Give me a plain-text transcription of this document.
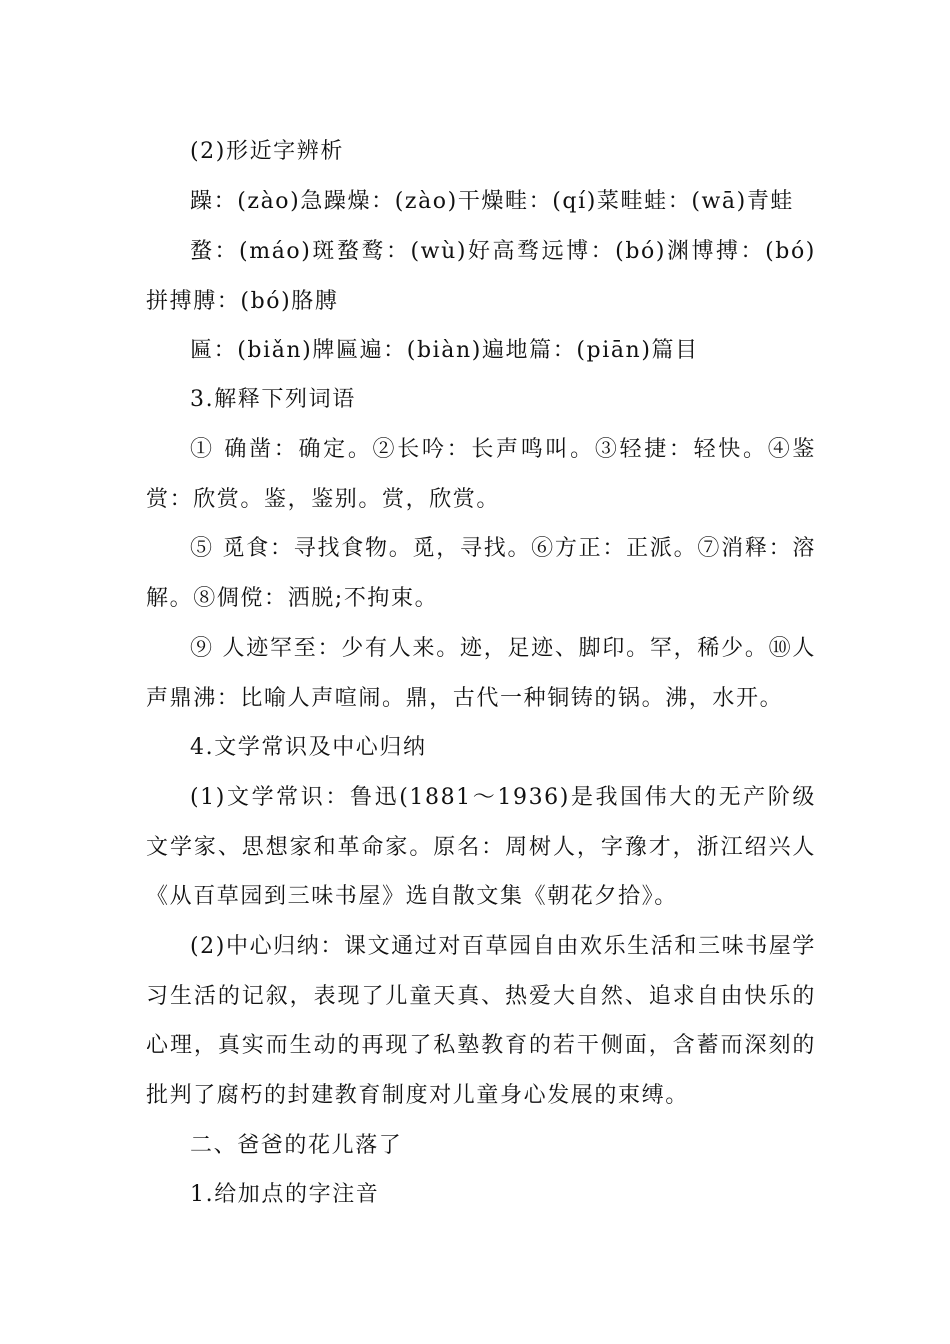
(2)形近字辨析

躁：(zào)急躁燥：(zào)干燥畦：(qí)菜畦蛙：(wā)青蛙

蝥：(máo)斑蝥鹜：(wù)好高骛远博：(bó)渊博搏：(bó)拼搏膊：(bó)胳膊

匾：(biǎn)牌匾遍：(biàn)遍地篇：(piān)篇目

3.解释下列词语

① 确凿：确定。②长吟：长声鸣叫。③轻捷：轻快。④鉴赏：欣赏。鉴，鉴别。赏，欣赏。

⑤ 觅食：寻找食物。觅，寻找。⑥方正：正派。⑦消释：溶解。⑧倜傥：洒脱;不拘束。

⑨ 人迹罕至：少有人来。迹，足迹、脚印。罕，稀少。⑩人声鼎沸：比喻人声喧闹。鼎，古代一种铜铸的锅。沸，水开。

4.文学常识及中心归纳

(1)文学常识：鲁迅(1881～1936)是我国伟大的无产阶级文学家、思想家和革命家。原名：周树人，字豫才，浙江绍兴人《从百草园到三味书屋》选自散文集《朝花夕拾》。

(2)中心归纳：课文通过对百草园自由欢乐生活和三味书屋学习生活的记叙，表现了儿童天真、热爱大自然、追求自由快乐的心理，真实而生动的再现了私塾教育的若干侧面，含蓄而深刻的批判了腐朽的封建教育制度对儿童身心发展的束缚。

二、爸爸的花儿落了

1.给加点的字注音
